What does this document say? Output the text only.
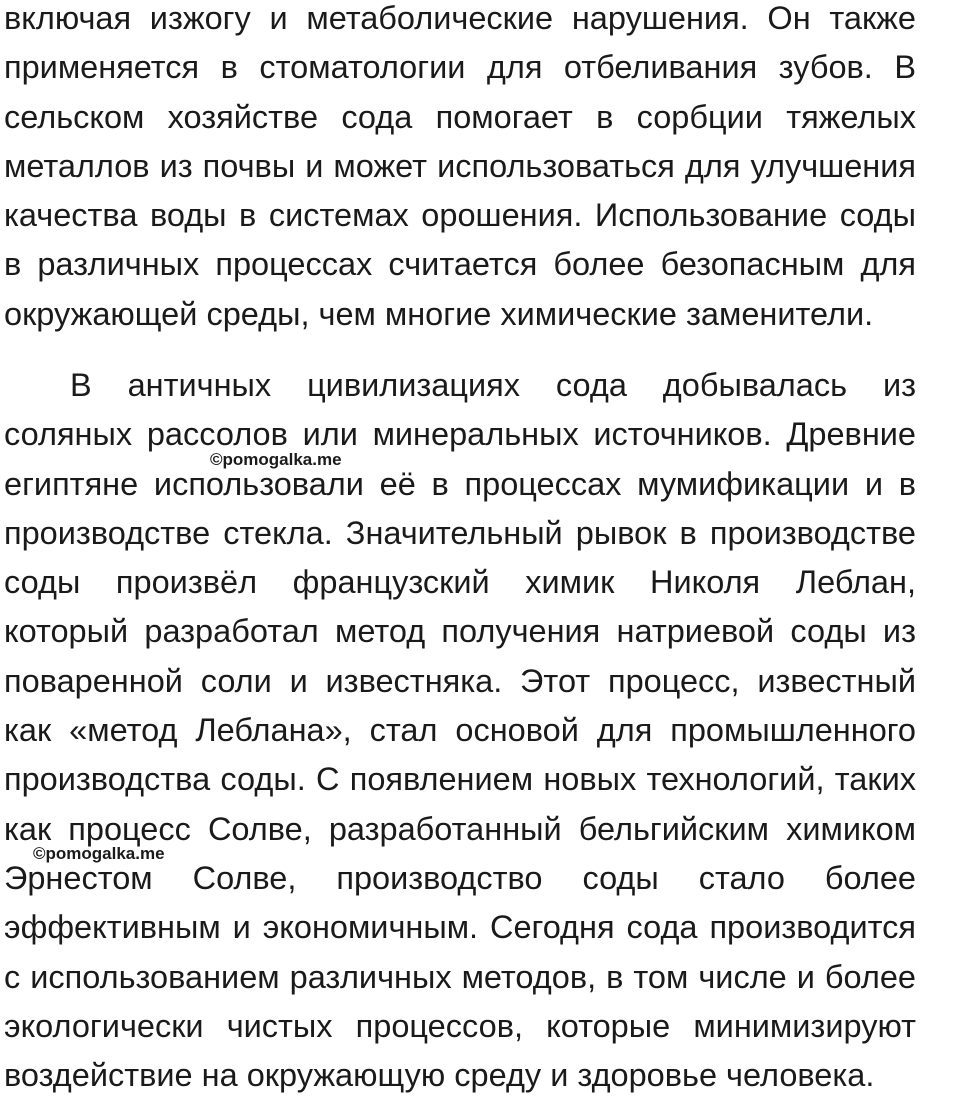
включая изжогу и метаболические нарушения. Он также применяется в стоматологии для отбеливания зубов. В сельском хозяйстве сода помогает в сорбции тяжелых металлов из почвы и может использоваться для улучшения качества воды в системах орошения. Использование соды в различных процессах считается более безопасным для окружающей среды, чем многие химические заменители.

В античных цивилизациях сода добывалась из соляных рассолов или минеральных источников. Древние египтяне использовали её в процессах мумификации и в производстве стекла. Значительный рывок в производстве соды произвёл французский химик Николя Леблан, который разработал метод получения натриевой соды из поваренной соли и известняка. Этот процесс, известный как «метод Леблана», стал основой для промышленного производства соды. С появлением новых технологий, таких как процесс Солве, разработанный бельгийским химиком Эрнестом Солве, производство соды стало более эффективным и экономичным. Сегодня сода производится с использованием различных методов, в том числе и более экологически чистых процессов, которые минимизируют воздействие на окружающую среду и здоровье человека.

©pomogalka.me
©pomogalka.me
